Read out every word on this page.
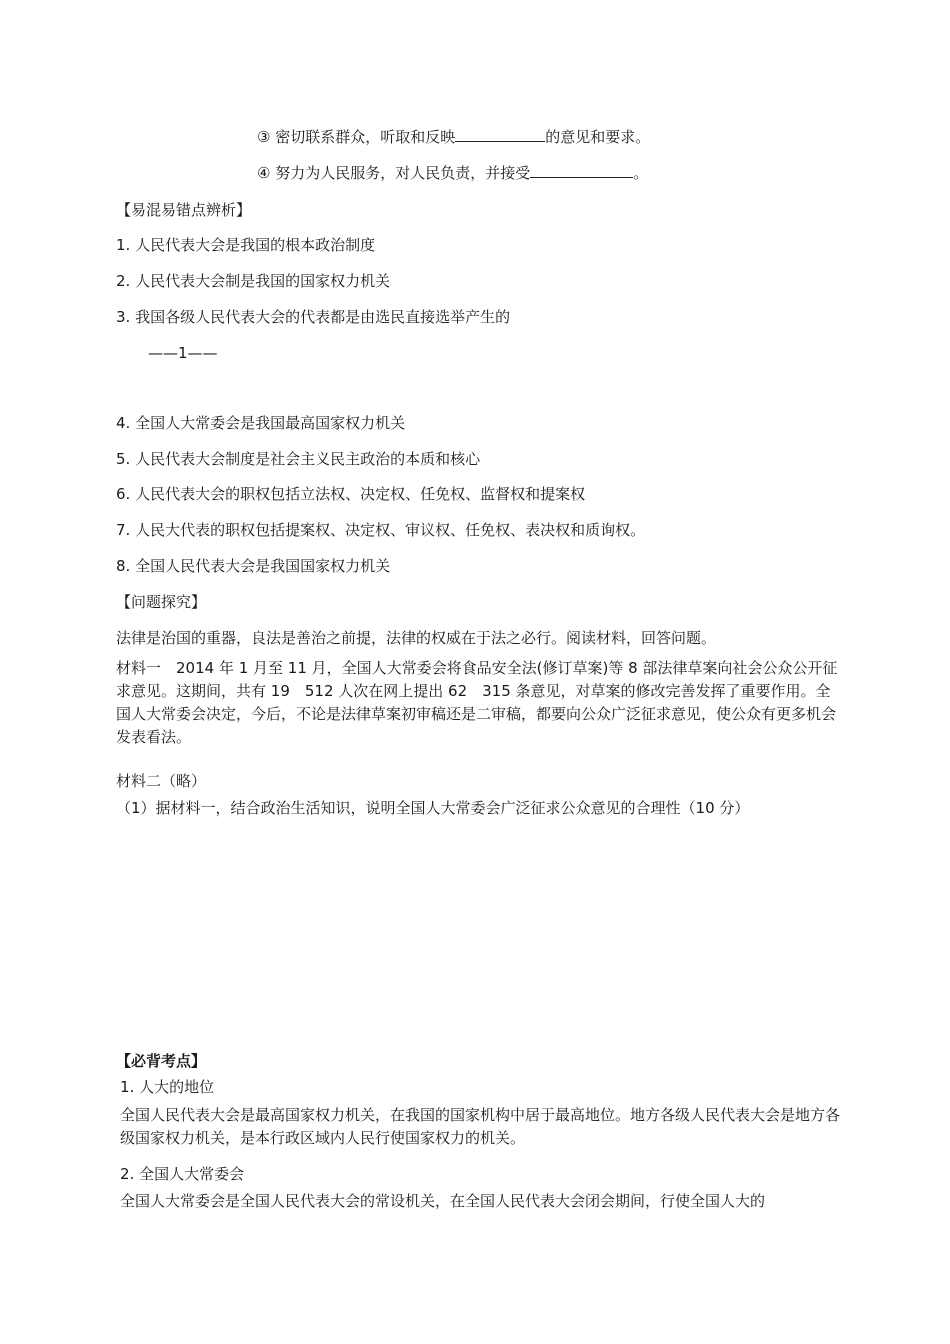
③ 密切联系群众，听取和反映	的意见和要求。
④ 努力为人民服务，对人民负责，并接受	。
【易混易错点辨析】
1. 人民代表大会是我国的根本政治制度
2. 人民代表大会制是我国的国家权力机关
3. 我国各级人民代表大会的代表都是由选民直接选举产生的
——1——
4. 全国人大常委会是我国最高国家权力机关
5. 人民代表大会制度是社会主义民主政治的本质和核心
6. 人民代表大会的职权包括立法权、决定权、任免权、监督权和提案权
7. 人民大代表的职权包括提案权、决定权、审议权、任免权、表决权和质询权。
8. 全国人民代表大会是我国国家权力机关
【问题探究】
法律是治国的重器，良法是善治之前提，法律的权威在于法之必行。阅读材料，回答问题。
材料一　2014 年 1 月至 11 月，全国人大常委会将食品安全法(修订草案)等 8 部法律草案向社会公众公开征求意见。这期间，共有 19　512 人次在网上提出 62　315 条意见，对草案的修改完善发挥了重要作用。全国人大常委会决定，今后，不论是法律草案初审稿还是二审稿，都要向公众广泛征求意见，使公众有更多机会发表看法。
材料二（略）
（1）据材料一，结合政治生活知识，说明全国人大常委会广泛征求公众意见的合理性（10 分）
【必背考点】
1. 人大的地位
全国人民代表大会是最高国家权力机关，在我国的国家机构中居于最高地位。地方各级人民代表大会是地方各级国家权力机关，是本行政区域内人民行使国家权力的机关。
2. 全国人大常委会
全国人大常委会是全国人民代表大会的常设机关，在全国人民代表大会闭会期间，行使全国人大的
